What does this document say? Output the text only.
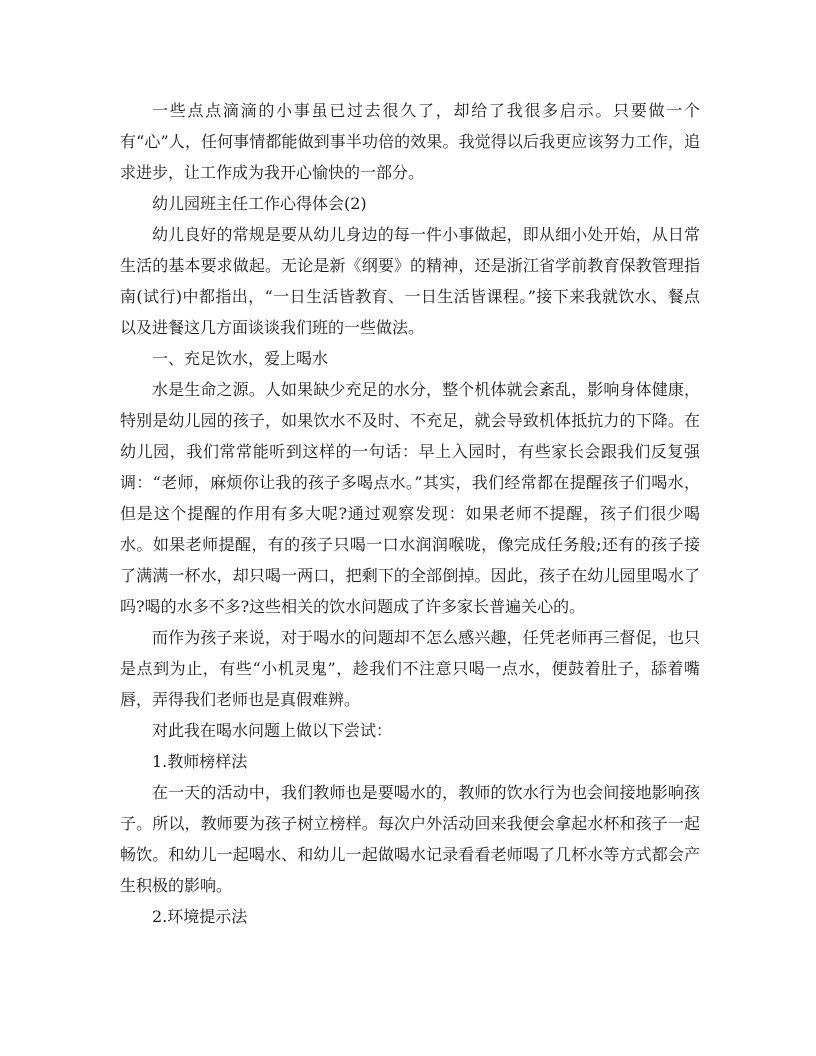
一些点点滴滴的小事虽已过去很久了，却给了我很多启示。只要做一个有“心”人，任何事情都能做到事半功倍的效果。我觉得以后我更应该努力工作，追求进步，让工作成为我开心愉快的一部分。

幼儿园班主任工作心得体会(2)

幼儿良好的常规是要从幼儿身边的每一件小事做起，即从细小处开始，从日常生活的基本要求做起。无论是新《纲要》的精神，还是浙江省学前教育保教管理指南(试行)中都指出，“一日生活皆教育、一日生活皆课程。”接下来我就饮水、餐点以及进餐这几方面谈谈我们班的一些做法。

一、充足饮水，爱上喝水

水是生命之源。人如果缺少充足的水分，整个机体就会紊乱，影响身体健康，特别是幼儿园的孩子，如果饮水不及时、不充足，就会导致机体抵抗力的下降。在幼儿园，我们常常能听到这样的一句话：早上入园时，有些家长会跟我们反复强调：“老师，麻烦你让我的孩子多喝点水。”其实，我们经常都在提醒孩子们喝水，但是这个提醒的作用有多大呢?通过观察发现：如果老师不提醒，孩子们很少喝水。如果老师提醒，有的孩子只喝一口水润润喉咙，像完成任务般;还有的孩子接了满满一杯水，却只喝一两口，把剩下的全部倒掉。因此，孩子在幼儿园里喝水了吗?喝的水多不多?这些相关的饮水问题成了许多家长普遍关心的。

而作为孩子来说，对于喝水的问题却不怎么感兴趣，任凭老师再三督促，也只是点到为止，有些“小机灵鬼”，趁我们不注意只喝一点水，便鼓着肚子，舔着嘴唇，弄得我们老师也是真假难辨。

对此我在喝水问题上做以下尝试：

1.教师榜样法

在一天的活动中，我们教师也是要喝水的，教师的饮水行为也会间接地影响孩子。所以，教师要为孩子树立榜样。每次户外活动回来我便会拿起水杯和孩子一起畅饮。和幼儿一起喝水、和幼儿一起做喝水记录看看老师喝了几杯水等方式都会产生积极的影响。

2.环境提示法
